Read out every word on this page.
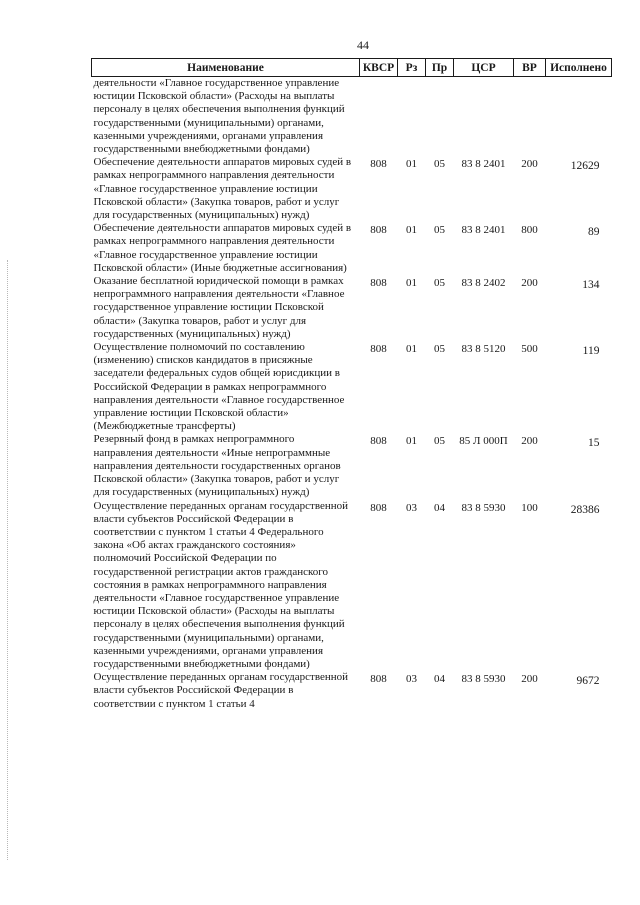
44
Наименование	КВСР	Рз	Пр	ЦСР	ВР	Исполнено
деятельности «Главное государственное управление юстиции Псковской области» (Расходы на выплаты персоналу в целях обеспечения выполнения функций государственными (муниципальными) органами, казенными учреждениями, органами управления государственными внебюджетными фондами)						
Обеспечение деятельности аппаратов мировых судей в рамках непрограммного направления деятельности «Главное государственное управление юстиции Псковской области» (Закупка товаров, работ и услуг для государственных (муниципальных) нужд)	808	01	05	83 8 2401	200	12629
Обеспечение деятельности аппаратов мировых судей в рамках непрограммного направления деятельности «Главное государственное управление юстиции Псковской области» (Иные бюджетные ассигнования)	808	01	05	83 8 2401	800	89
Оказание бесплатной юридической помощи в рамках непрограммного направления деятельности «Главное государственное управление юстиции Псковской области» (Закупка товаров, работ и услуг для государственных (муниципальных) нужд)	808	01	05	83 8 2402	200	134
Осуществление полномочий по составлению (изменению) списков кандидатов в присяжные заседатели федеральных судов общей юрисдикции в Российской Федерации в рамках непрограммного направления деятельности «Главное государственное управление юстиции Псковской области» (Межбюджетные трансферты)	808	01	05	83 8 5120	500	119
Резервный фонд в рамках непрограммного направления деятельности «Иные непрограммные направления деятельности государственных органов Псковской области» (Закупка товаров, работ и услуг для государственных (муниципальных) нужд)	808	01	05	85 Л 000П	200	15
Осуществление переданных органам государственной власти субъектов Российской Федерации в соответствии с пунктом 1 статьи 4 Федерального закона «Об актах гражданского состояния» полномочий Российской Федерации по государственной регистрации актов гражданского состояния в рамках непрограммного направления деятельности «Главное государственное управление юстиции Псковской области» (Расходы на выплаты персоналу в целях обеспечения выполнения функций государственными (муниципальными) органами, казенными учреждениями, органами управления государственными внебюджетными фондами)	808	03	04	83 8 5930	100	28386
Осуществление переданных органам государственной власти субъектов Российской Федерации в соответствии с пунктом 1 статьи 4	808	03	04	83 8 5930	200	9672
